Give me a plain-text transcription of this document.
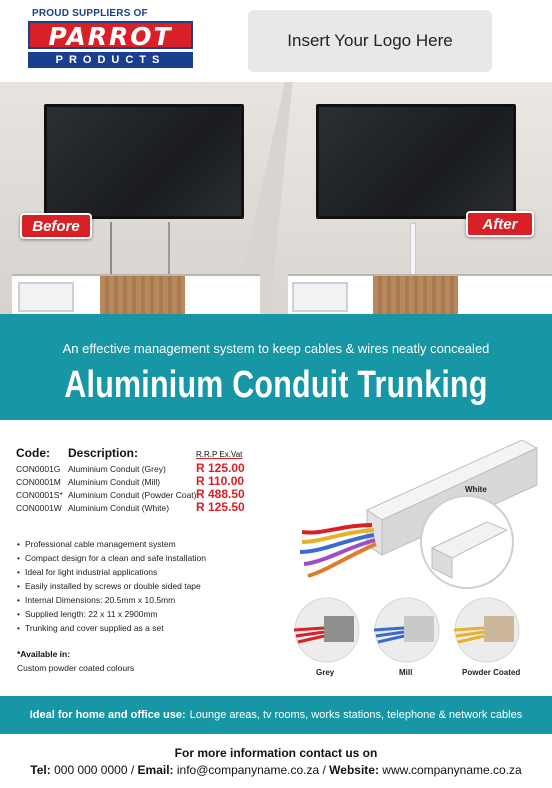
PROUD SUPPLIERS OF
PARROT
PRODUCTS
Insert Your Logo Here
Before	After
An effective management system to keep cables & wires neatly concealed
Aluminium Conduit Trunking
Code: Description:	R.R.P Ex.Vat
CON0001G Aluminium Conduit (Grey)	R 125.00
CON0001M Aluminium Conduit (Mill)	R 110.00
CON0001S* Aluminium Conduit (Powder Coat) R 488.50
CON0001W Aluminium Conduit (White) R 125.50
• Professional cable management system
• Compact design for a clean and safe installation
• Ideal for light industrial applications
• Easily installed by screws or double sided tape
• Internal Dimensions: 20.5mm x 10.5mm
• Supplied length: 22 x 11 x 2900mm
• Trunking and cover supplied as a set
*Available in:
Custom powder coated colours
White
Grey	Mill	Powder Coated
Ideal for home and office use: Lounge areas, tv rooms, works stations, telephone & network cables
For more information contact us on
Tel: 000 000 0000 / Email: info@companyname.co.za / Website: www.companyname.co.za
